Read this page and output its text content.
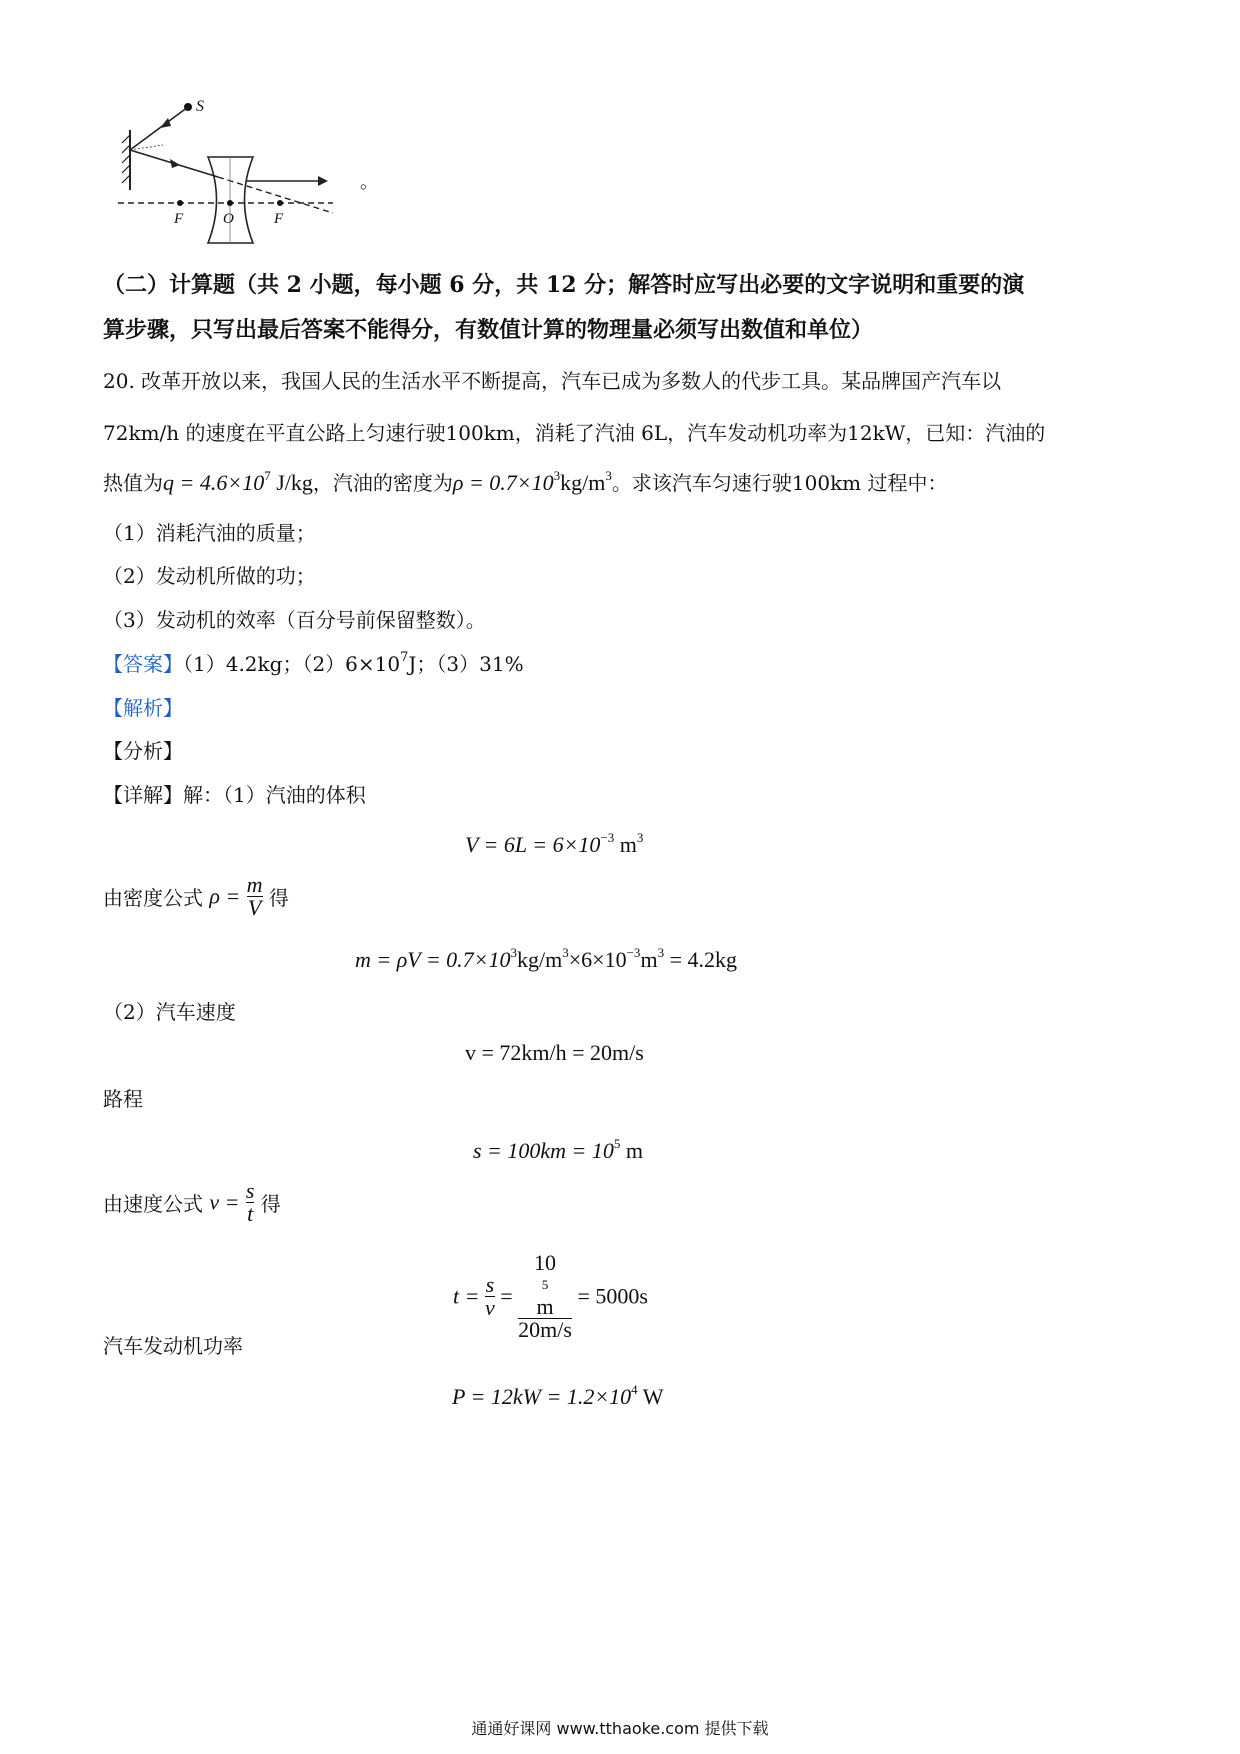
S
F	O	F
。
（二）计算题（共 2 小题，每小题 6 分，共 12 分；解答时应写出必要的文字说明和重要的演
算步骤，只写出最后答案不能得分，有数值计算的物理量必须写出数值和单位）
20. 改革开放以来，我国人民的生活水平不断提高，汽车已成为多数人的代步工具。某品牌国产汽车以
72km/h 的速度在平直公路上匀速行驶100km，消耗了汽油 6L，汽车发动机功率为12kW，已知：汽油的
热值为$q = 4.6\times 10^7$ J/kg，汽油的密度为$\rho = 0.7\times 10^3kg/m^3$。求该汽车匀速行驶100km 过程中：
（1）消耗汽油的质量；
（2）发动机所做的功；
（3）发动机的效率（百分号前保留整数）。
【答案】（1）4.2kg；$(2)6\times 10^7J$；（3）31%
【解析】
【分析】
【详解】解：（1）汽油的体积
$V = 6L = 6\times 10^{-3}$ $m^3$
由密度公式 $\rho = \frac{m}{V}$ 得
$m = \rho V = 0.7\times 10^3kg/m^3\times 6\times 10^{-3}m^3 = 4.2kg$
（2）汽车速度
v = 72km/h = 20m/s
路程
$s = 100km = 10^5$ m
由速度公式 $v = \frac{s}{t}$ 得
$t = \frac{s}{v} = 10$
5
m
20m/s = 5000s
汽车发动机功率
$P = 12kW = 1.2\times 10^4$ W
通通好课网 www.tthaoke.com 提供下载
